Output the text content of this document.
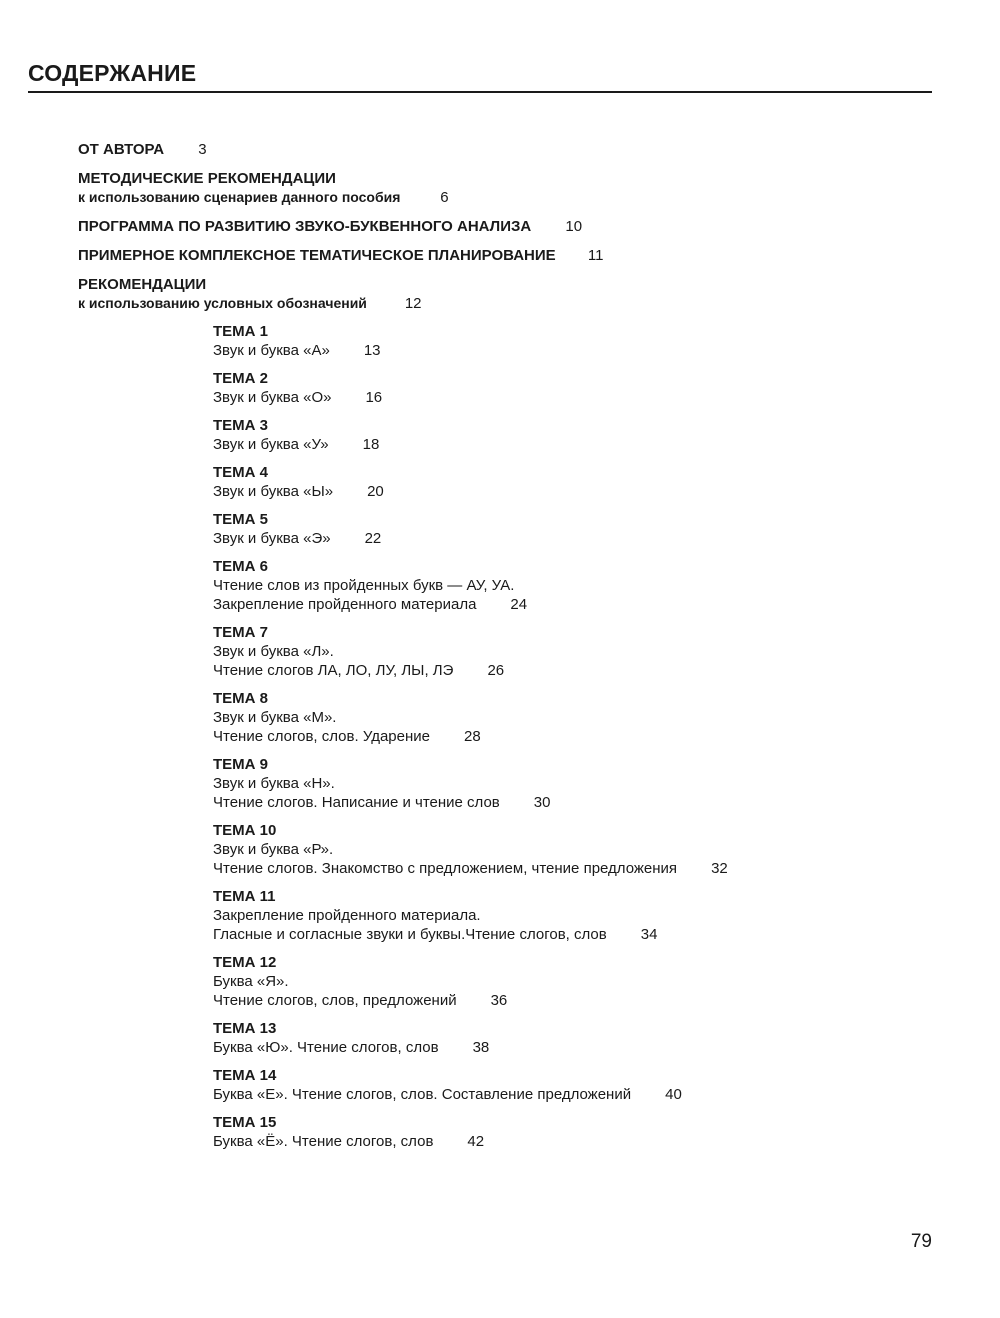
СОДЕРЖАНИЕ

ОТ АВТОРА 3

МЕТОДИЧЕСКИЕ РЕКОМЕНДАЦИИ

к использованию сценариев данного пособия	6

ПРОГРАММА ПО РАЗВИТИЮ ЗВУКО-БУКВЕННОГО АНАЛИЗА 10

ПРИМЕРНОЕ КОМПЛЕКСНОЕ ТЕМАТИЧЕСКОЕ ПЛАНИРОВАНИЕ 11

РЕКОМЕНДАЦИИ

к использованию условных обозначений	12

ТЕМА 1
Звук и буква «А» 13
ТЕМА 2
Звук и буква «О» 16
ТЕМА 3
Звук и буква «У» 18
ТЕМА 4
Звук и буква «Ы» 20
ТЕМА 5
Звук и буква «Э» 22
ТЕМА 6
Чтение слов из пройденных букв — АУ, УА.
Закрепление пройденного материала 24
ТЕМА 7
Звук и буква «Л».
Чтение слогов ЛА, ЛО, ЛУ, ЛЫ, ЛЭ 26
ТЕМА 8
Звук и буква «М».
Чтение слогов, слов. Ударение 28
ТЕМА 9
Звук и буква «Н».
Чтение слогов. Написание и чтение слов 30
ТЕМА 10
Звук и буква «Р».
Чтение слогов. Знакомство с предложением, чтение предложения 32
ТЕМА 11
Закрепление пройденного материала.
Гласные и согласные звуки и буквы.Чтение слогов, слов 34
ТЕМА 12
Буква «Я».
Чтение слогов, слов, предложений 36
ТЕМА 13
Буква «Ю». Чтение слогов, слов 38
ТЕМА 14
Буква «Е». Чтение слогов, слов. Составление предложений 40
ТЕМА 15
Буква «Ё». Чтение слогов, слов 42
79
